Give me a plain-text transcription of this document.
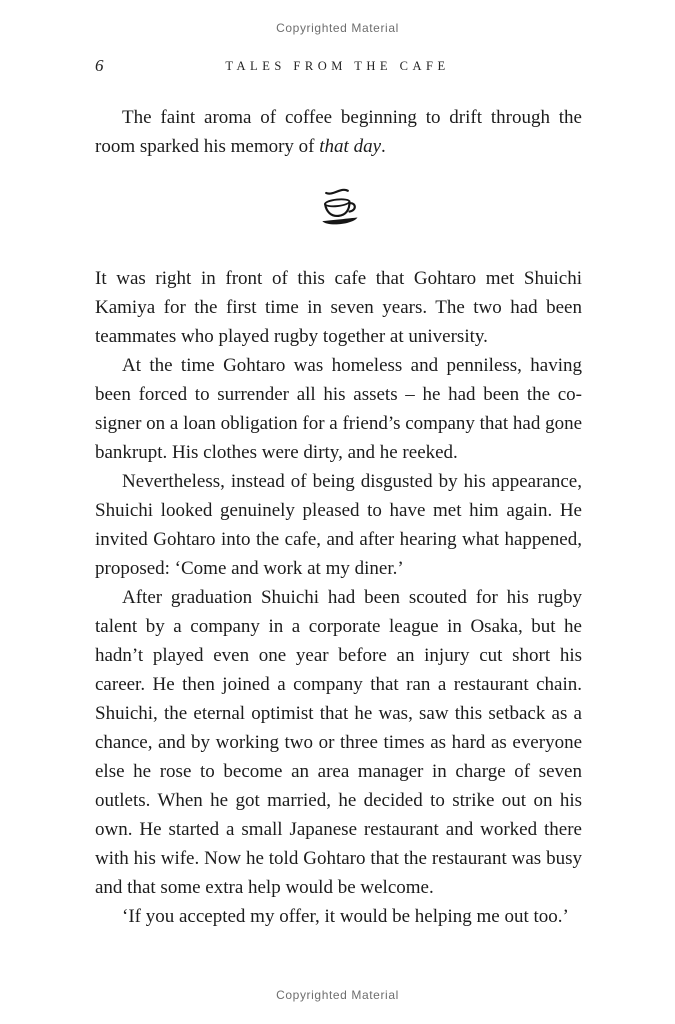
Copyrighted Material
6	TALES FROM THE CAFE

The faint aroma of coffee beginning to drift through the room sparked his memory of that day.

It was right in front of this cafe that Gohtaro met Shuichi Kamiya for the first time in seven years. The two had been teammates who played rugby together at university.

At the time Gohtaro was homeless and penniless, having been forced to surrender all his assets – he had been the co-signer on a loan obligation for a friend’s company that had gone bankrupt. His clothes were dirty, and he reeked.

Nevertheless, instead of being disgusted by his appearance, Shuichi looked genuinely pleased to have met him again. He invited Gohtaro into the cafe, and after hearing what happened, proposed: ‘Come and work at my diner.’

After graduation Shuichi had been scouted for his rugby talent by a company in a corporate league in Osaka, but he hadn’t played even one year before an injury cut short his career. He then joined a company that ran a restaurant chain. Shuichi, the eternal optimist that he was, saw this setback as a chance, and by working two or three times as hard as everyone else he rose to become an area manager in charge of seven outlets. When he got married, he decided to strike out on his own. He started a small Japanese restaurant and worked there with his wife. Now he told Gohtaro that the restaurant was busy and that some extra help would be welcome.

‘If you accepted my offer, it would be helping me out too.’

Copyrighted Material
